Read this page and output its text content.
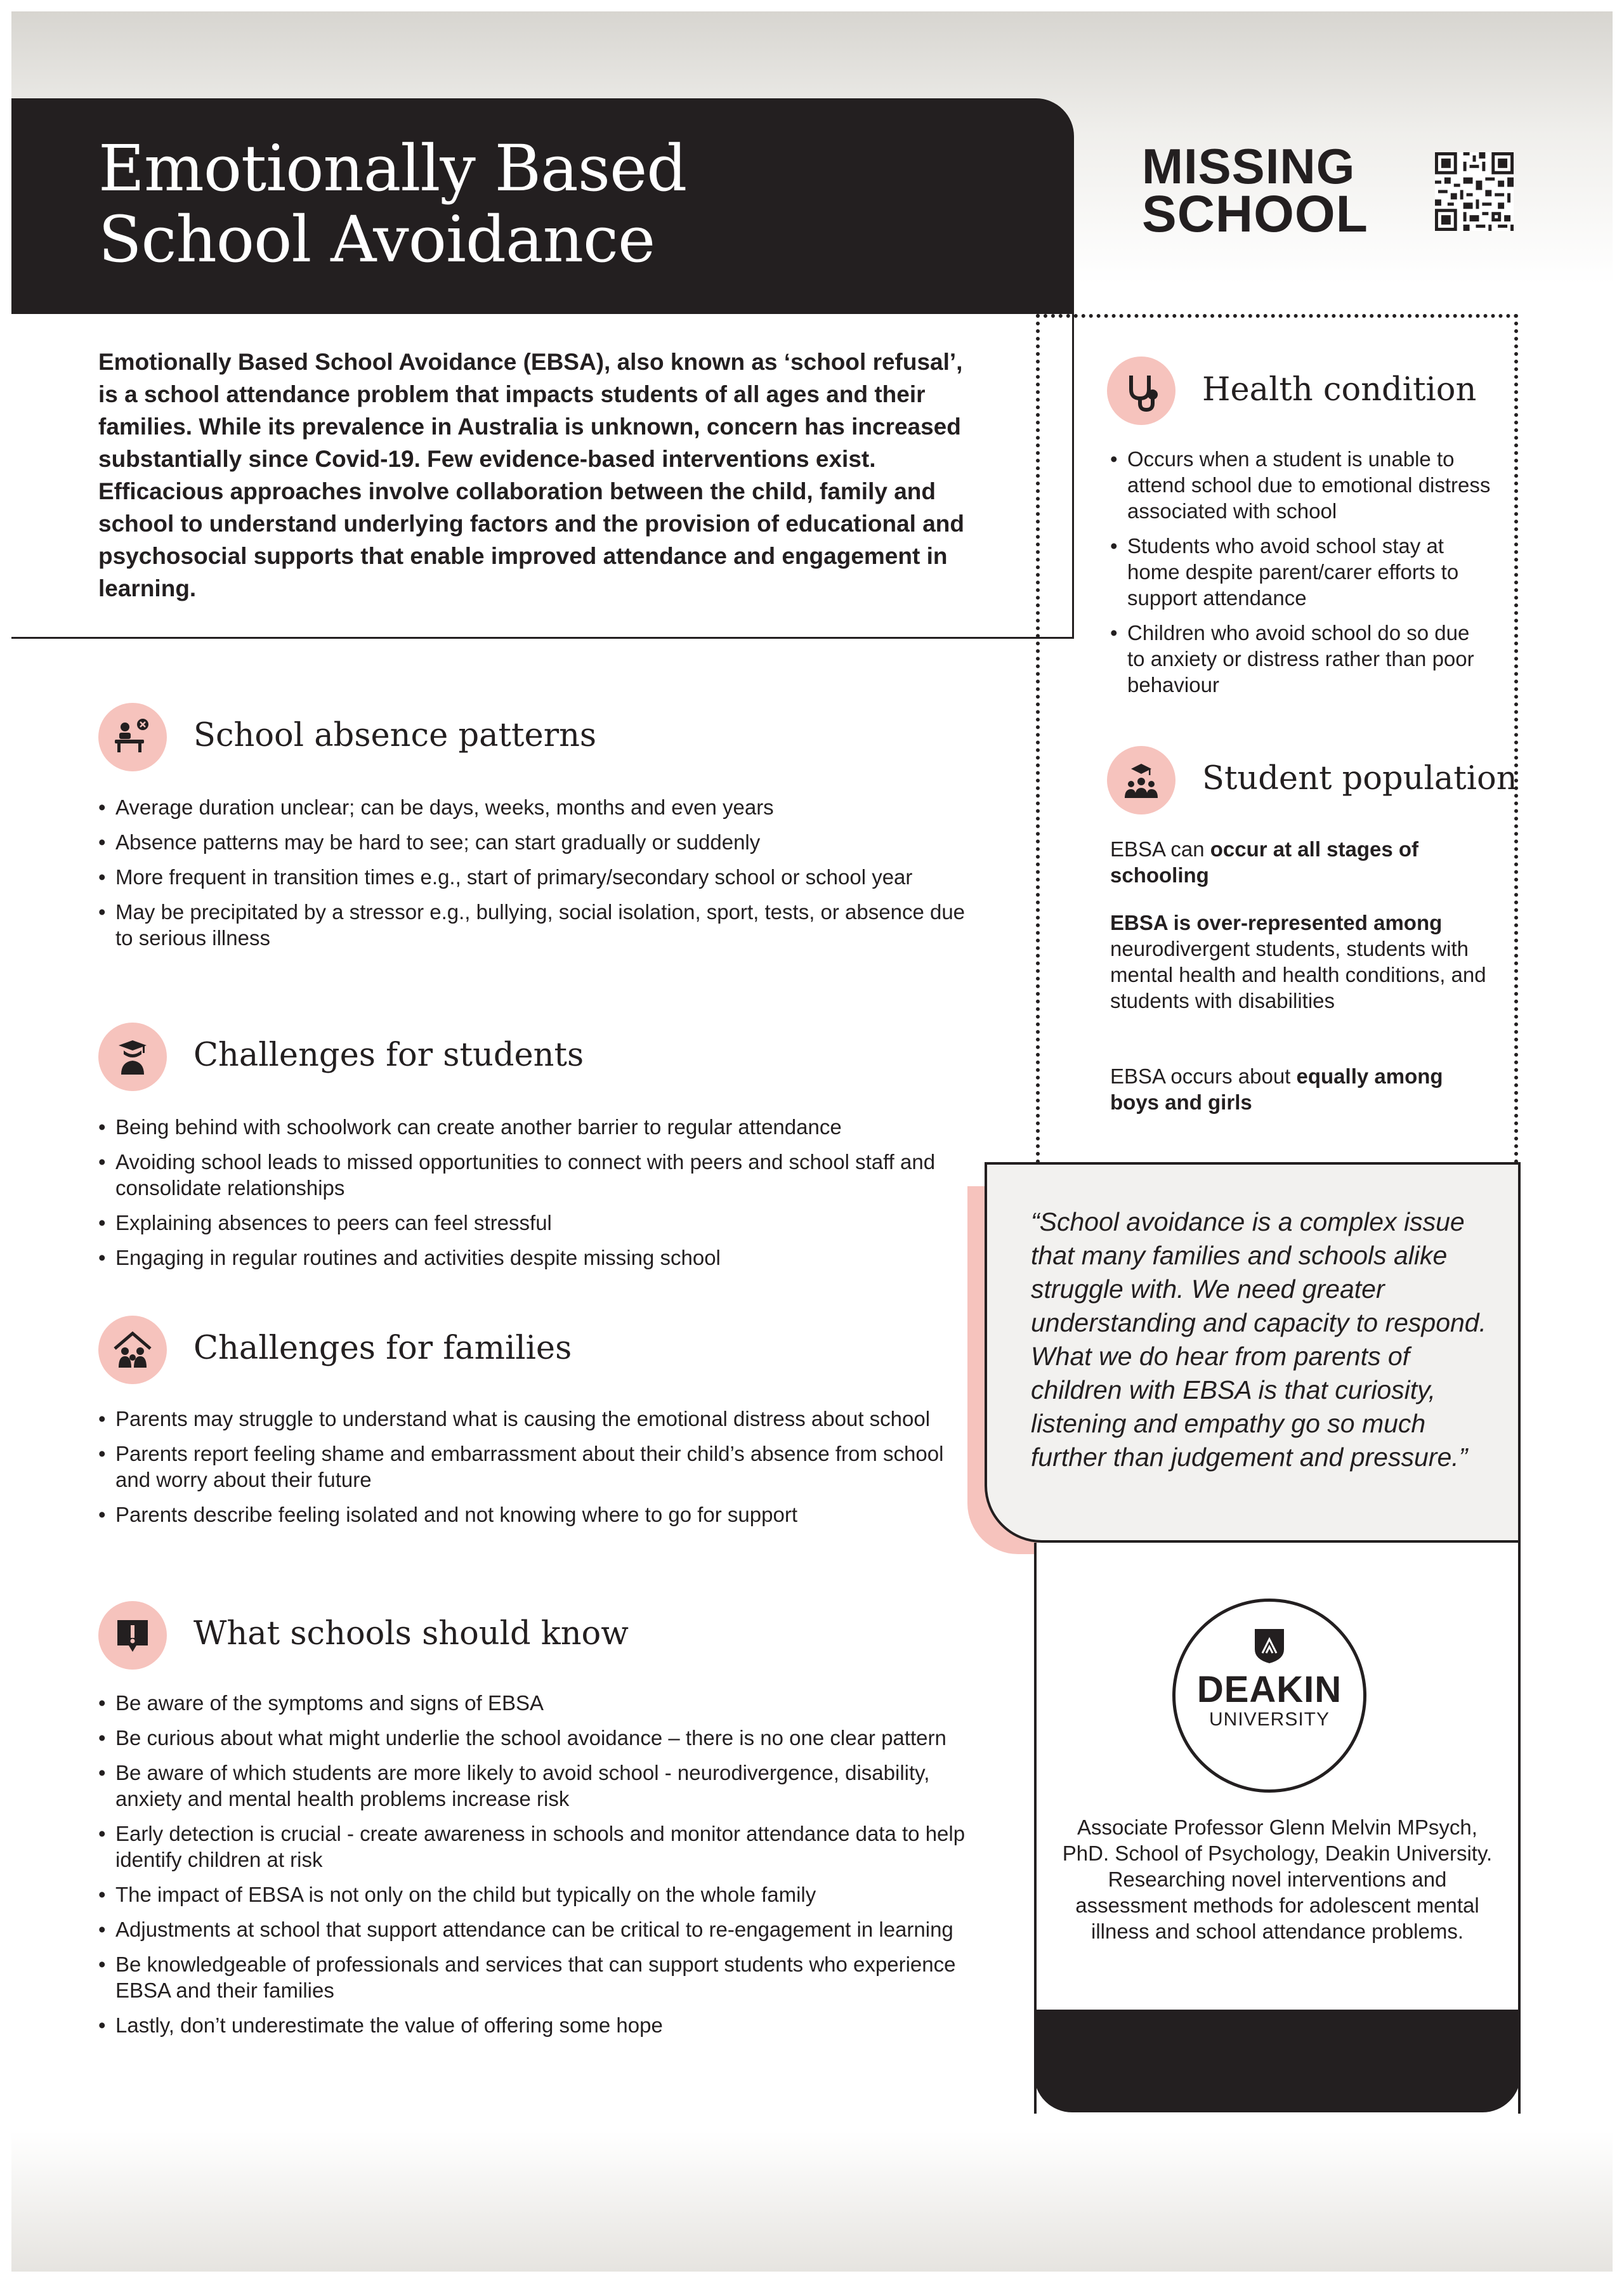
Emotionally Based
School Avoidance
MISSING
SCHOOL

Emotionally Based School Avoidance (EBSA), also known as ‘school refusal’, is a school attendance problem that impacts students of all ages and their families. While its prevalence in Australia is unknown, concern has increased substantially since Covid-19. Few evidence-based interventions exist. Efficacious approaches involve collaboration between the child, family and school to understand underlying factors and the provision of educational and psychosocial supports that enable improved attendance and engagement in learning.

School absence patterns
• Average duration unclear; can be days, weeks, months and even years
• Absence patterns may be hard to see; can start gradually or suddenly
• More frequent in transition times e.g., start of primary/secondary school or school year
• May be precipitated by a stressor e.g., bullying, social isolation, sport, tests, or absence due to serious illness
Challenges for students
• Being behind with schoolwork can create another barrier to regular attendance
• Avoiding school leads to missed opportunities to connect with peers and school staff and consolidate relationships
• Explaining absences to peers can feel stressful
• Engaging in regular routines and activities despite missing school
Challenges for families
• Parents may struggle to understand what is causing the emotional distress about school
• Parents report feeling shame and embarrassment about their child’s absence from school and worry about their future
• Parents describe feeling isolated and not knowing where to go for support
What schools should know
• Be aware of the symptoms and signs of EBSA
• Be curious about what might underlie the school avoidance – there is no one clear pattern
• Be aware of which students are more likely to avoid school - neurodivergence, disability, anxiety and mental health problems increase risk
• Early detection is crucial - create awareness in schools and monitor attendance data to help identify children at risk
• The impact of EBSA is not only on the child but typically on the whole family
• Adjustments at school that support attendance can be critical to re-engagement in learning
• Be knowledgeable of professionals and services that can support students who experience EBSA and their families
• Lastly, don’t underestimate the value of offering some hope
Health condition
• Occurs when a student is unable to attend school due to emotional distress associated with school
• Students who avoid school stay at home despite parent/carer efforts to support attendance
• Children who avoid school do so due to anxiety or distress rather than poor behaviour
Student population

EBSA can occur at all stages of schooling

EBSA is over-represented among neurodivergent students, students with mental health and health conditions, and students with disabilities

EBSA occurs about equally among boys and girls

“School avoidance is a complex issue that many families and schools alike struggle with. We need greater understanding and capacity to respond. What we do hear from parents of children with EBSA is that curiosity, listening and empathy go so much further than judgement and pressure.”

DEAKIN
UNIVERSITY

Associate Professor Glenn Melvin MPsych, PhD. School of Psychology, Deakin University. Researching novel interventions and assessment methods for adolescent mental illness and school attendance problems.
